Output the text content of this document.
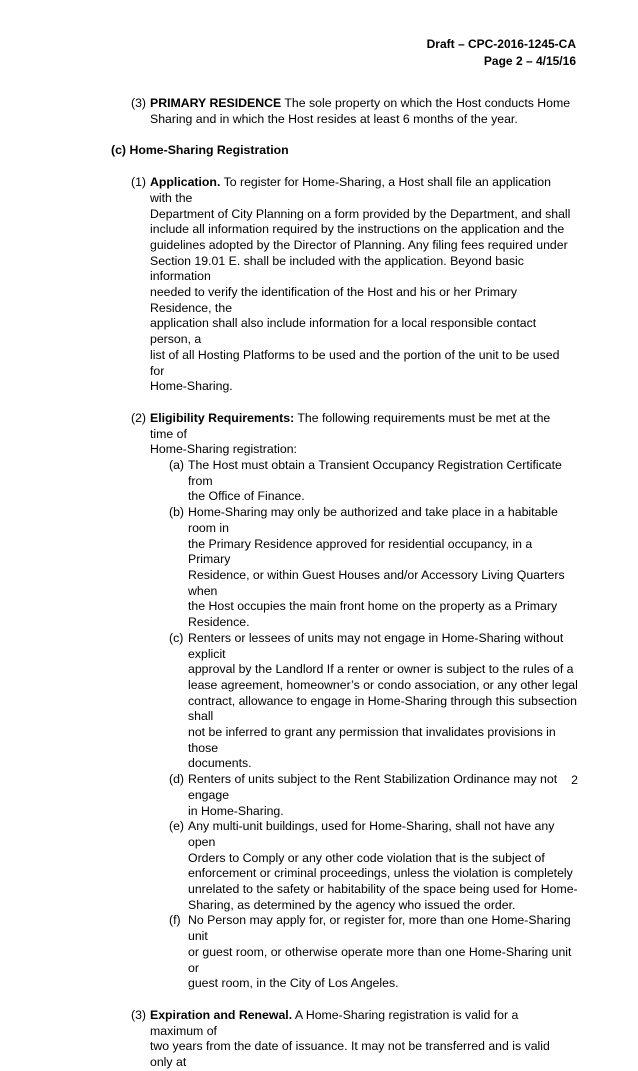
Draft – CPC-2016-1245-CA
Page 2 – 4/15/16
(3) PRIMARY RESIDENCE The sole property on which the Host conducts Home
Sharing and in which the Host resides at least 6 months of the year.
(c) Home-Sharing Registration
(1) Application. To register for Home-Sharing, a Host shall file an application with the
Department of City Planning on a form provided by the Department, and shall
include all information required by the instructions on the application and the
guidelines adopted by the Director of Planning. Any filing fees required under
Section 19.01 E. shall be included with the application. Beyond basic information
needed to verify the identification of the Host and his or her Primary Residence, the
application shall also include information for a local responsible contact person, a
list of all Hosting Platforms to be used and the portion of the unit to be used for
Home-Sharing.
(2) Eligibility Requirements: The following requirements must be met at the time of
Home-Sharing registration:
(a) The Host must obtain a Transient Occupancy Registration Certificate from
the Office of Finance.
(b) Home-Sharing may only be authorized and take place in a habitable room in
the Primary Residence approved for residential occupancy, in a Primary
Residence, or within Guest Houses and/or Accessory Living Quarters when
the Host occupies the main front home on the property as a Primary
Residence.
(c) Renters or lessees of units may not engage in Home-Sharing without explicit
approval by the Landlord If a renter or owner is subject to the rules of a
lease agreement, homeowner’s or condo association, or any other legal
contract, allowance to engage in Home-Sharing through this subsection shall
not be inferred to grant any permission that invalidates provisions in those
documents.
(d) Renters of units subject to the Rent Stabilization Ordinance may not engage
in Home-Sharing.
(e) Any multi-unit buildings, used for Home-Sharing, shall not have any open
Orders to Comply or any other code violation that is the subject of
enforcement or criminal proceedings, unless the violation is completely
unrelated to the safety or habitability of the space being used for Home-
Sharing, as determined by the agency who issued the order.
(f) No Person may apply for, or register for, more than one Home-Sharing unit
or guest room, or otherwise operate more than one Home-Sharing unit or
guest room, in the City of Los Angeles.
(3) Expiration and Renewal. A Home-Sharing registration is valid for a maximum of
two years from the date of issuance. It may not be transferred and is valid only at
2
